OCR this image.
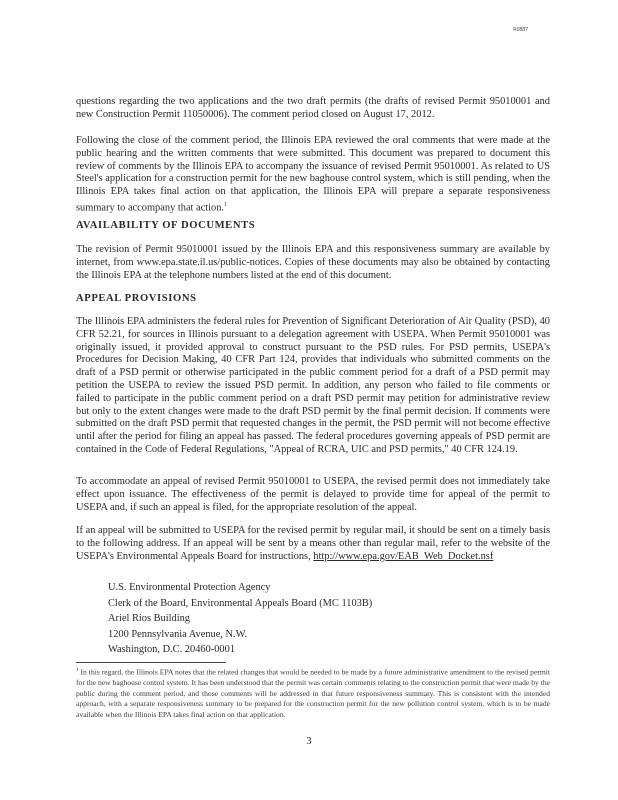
R0887

questions regarding the two applications and the two draft permits (the drafts of revised Permit 95010001 and new Construction Permit 11050006). The comment period closed on August 17, 2012.

Following the close of the comment period, the Illinois EPA reviewed the oral comments that were made at the public hearing and the written comments that were submitted. This document was prepared to document this review of comments by the Illinois EPA to accompany the issuance of revised Permit 95010001. As related to US Steel's application for a construction permit for the new baghouse control system, which is still pending, when the Illinois EPA takes final action on that application, the Illinois EPA will prepare a separate responsiveness summary to accompany that action.$^1$

AVAILABILITY OF DOCUMENTS

The revision of Permit 95010001 issued by the Illinois EPA and this responsiveness summary are available by internet, from www.epa.state.il.us/public-notices. Copies of these documents may also be obtained by contacting the Illinois EPA at the telephone numbers listed at the end of this document.

APPEAL PROVISIONS

The Illinois EPA administers the federal rules for Prevention of Significant Deterioration of Air Quality (PSD), 40 CFR 52.21, for sources in Illinois pursuant to a delegation agreement with USEPA. When Permit 95010001 was originally issued, it provided approval to construct pursuant to the PSD rules. For PSD permits, USEPA's Procedures for Decision Making, 40 CFR Part 124, provides that individuals who submitted comments on the draft of a PSD permit or otherwise participated in the public comment period for a draft of a PSD permit may petition the USEPA to review the issued PSD permit. In addition, any person who failed to file comments or failed to participate in the public comment period on a draft PSD permit may petition for administrative review but only to the extent changes were made to the draft PSD permit by the final permit decision. If comments were submitted on the draft PSD permit that requested changes in the permit, the PSD permit will not become effective until after the period for filing an appeal has passed. The federal procedures governing appeals of PSD permit are contained in the Code of Federal Regulations, "Appeal of RCRA, UIC and PSD permits," 40 CFR 124.19.

To accommodate an appeal of revised Permit 95010001 to USEPA, the revised permit does not immediately take effect upon issuance. The effectiveness of the permit is delayed to provide time for appeal of the permit to USEPA and, if such an appeal is filed, for the appropriate resolution of the appeal.

If an appeal will be submitted to USEPA for the revised permit by regular mail, it should be sent on a timely basis to the following address. If an appeal will be sent by a means other than regular mail, refer to the website of the USEPA's Environmental Appeals Board for instructions, http://www.epa.gov/EAB_Web_Docket.nsf

U.S. Environmental Protection Agency
Clerk of the Board, Environmental Appeals Board (MC 1103B)
Ariel Rios Building
1200 Pennsylvania Avenue, N.W.
Washington, D.C. 20460-0001
$^1$ In this regard, the Illinois EPA notes that the related changes that would be needed to be made by a future administrative amendment to the revised permit for the new baghouse control system. It has been understood that the permit was certain comments relating to the construction permit that were made by the public during the comment period, and those comments will be addressed in that future responsiveness summary. This is consistent with the intended approach, with a separate responsiveness summary to be prepared for the construction permit for the new pollution control system, which is to be made available when the Illinois EPA takes final action on that application.
3
